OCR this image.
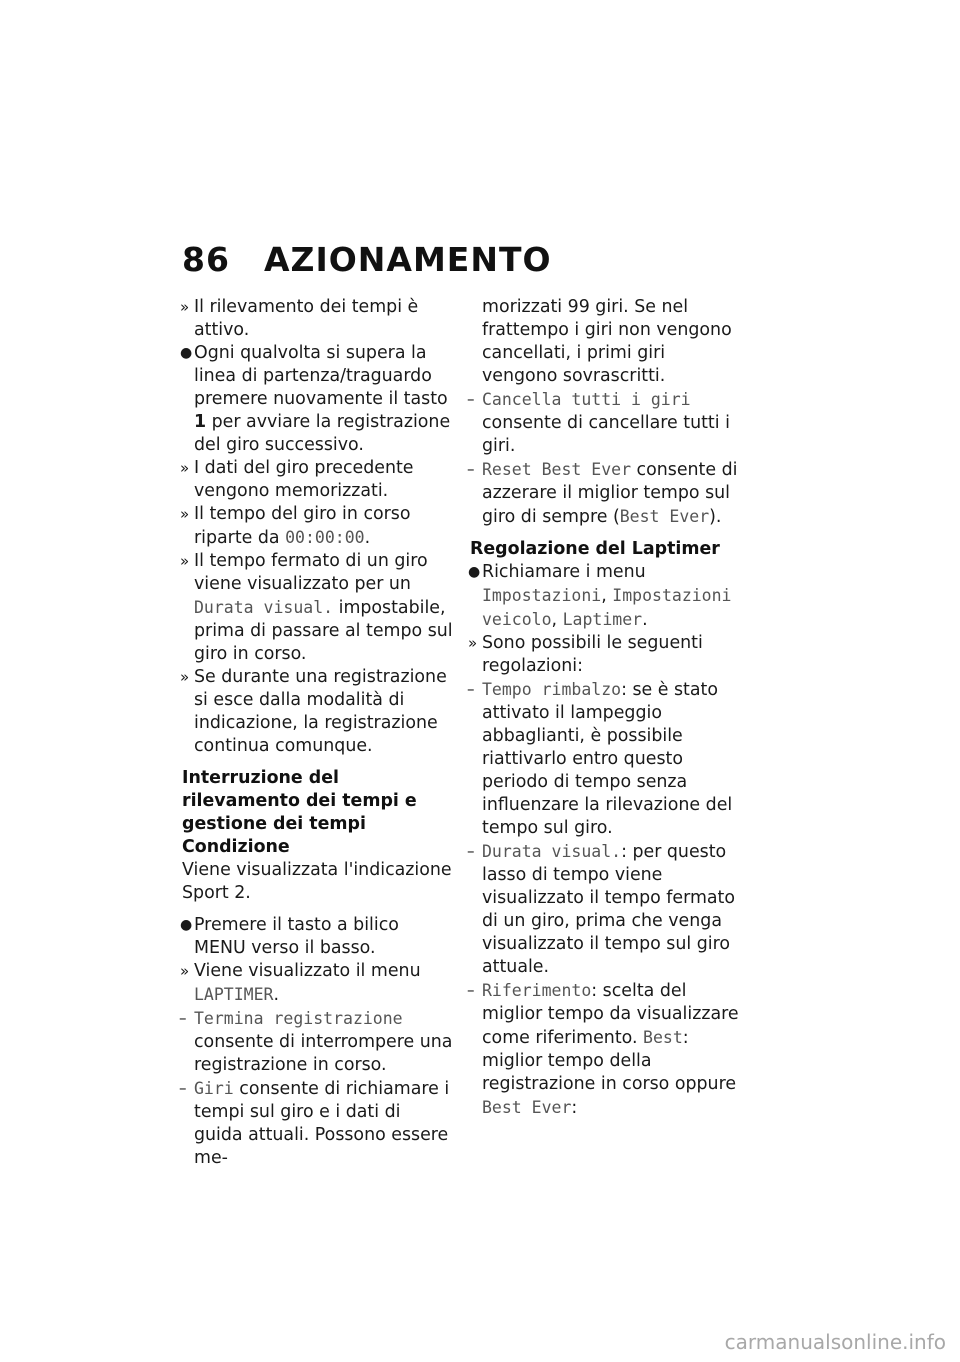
86 AZIONAMENTO
» Il rilevamento dei tempi è attivo.
● Ogni qualvolta si supera la linea di partenza/traguardo premere nuovamente il tasto 1 per avviare la registrazione del giro successivo.
» I dati del giro precedente vengono memorizzati.
» Il tempo del giro in corso riparte da 00:00:00.
» Il tempo fermato di un giro viene visualizzato per un Durata visual. impostabile, prima di passare al tempo sul giro in corso.
» Se durante una registrazione si esce dalla modalità di indicazione, la registrazione continua comunque.
Interruzione del rilevamento dei tempi e gestione dei tempi
Condizione
Viene visualizzata l'indicazione Sport 2.
● Premere il tasto a bilico MENU verso il basso.
» Viene visualizzato il menu LAPTIMER.
– Termina registrazione consente di interrompere una registrazione in corso.
– Giri consente di richiamare i tempi sul giro e i dati di guida attuali. Possono essere me-
morizzati 99 giri. Se nel frattempo i giri non vengono cancellati, i primi giri vengono sovrascritti.
– Cancella tutti i giri consente di cancellare tutti i giri.
– Reset Best Ever consente di azzerare il miglior tempo sul giro di sempre (Best Ever).
Regolazione del Laptimer
● Richiamare i menu Impostazioni, Impostazioni veicolo, Laptimer.
» Sono possibili le seguenti regolazioni:
– Tempo rimbalzo: se è stato attivato il lampeggio abbaglianti, è possibile riattivarlo entro questo periodo di tempo senza influenzare la rilevazione del tempo sul giro.
– Durata visual.: per questo lasso di tempo viene visualizzato il tempo fermato di un giro, prima che venga visualizzato il tempo sul giro attuale.
– Riferimento: scelta del miglior tempo da visualizzare come riferimento. Best: miglior tempo della registrazione in corso oppure Best Ever:
carmanualsonline.info
